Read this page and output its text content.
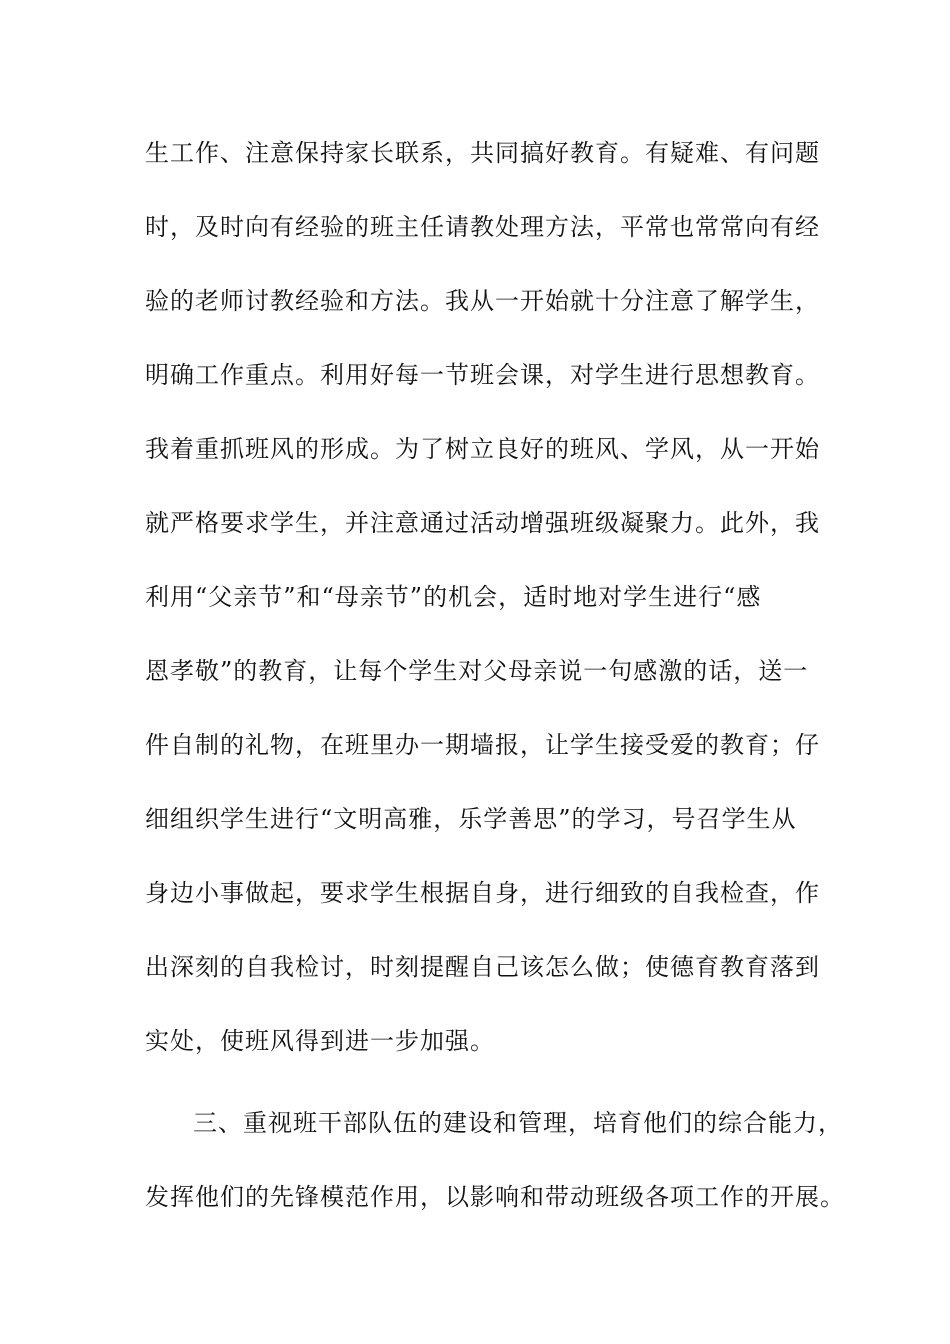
生工作、注意保持家长联系，共同搞好教育。有疑难、有问题
时，及时向有经验的班主任请教处理方法，平常也常常向有经
验的老师讨教经验和方法。我从一开始就十分注意了解学生，
明确工作重点。利用好每一节班会课，对学生进行思想教育。
我着重抓班风的形成。为了树立良好的班风、学风，从一开始
就严格要求学生，并注意通过活动增强班级凝聚力。此外，我
利用“父亲节”和“母亲节”的机会，适时地对学生进行“感
恩孝敬”的教育，让每个学生对父母亲说一句感激的话，送一
件自制的礼物，在班里办一期墙报，让学生接受爱的教育；仔
细组织学生进行“文明高雅，乐学善思”的学习，号召学生从
身边小事做起，要求学生根据自身，进行细致的自我检查，作
出深刻的自我检讨，时刻提醒自己该怎么做；使德育教育落到
实处，使班风得到进一步加强。
三、重视班干部队伍的建设和管理，培育他们的综合能力，
发挥他们的先锋模范作用，以影响和带动班级各项工作的开展。
